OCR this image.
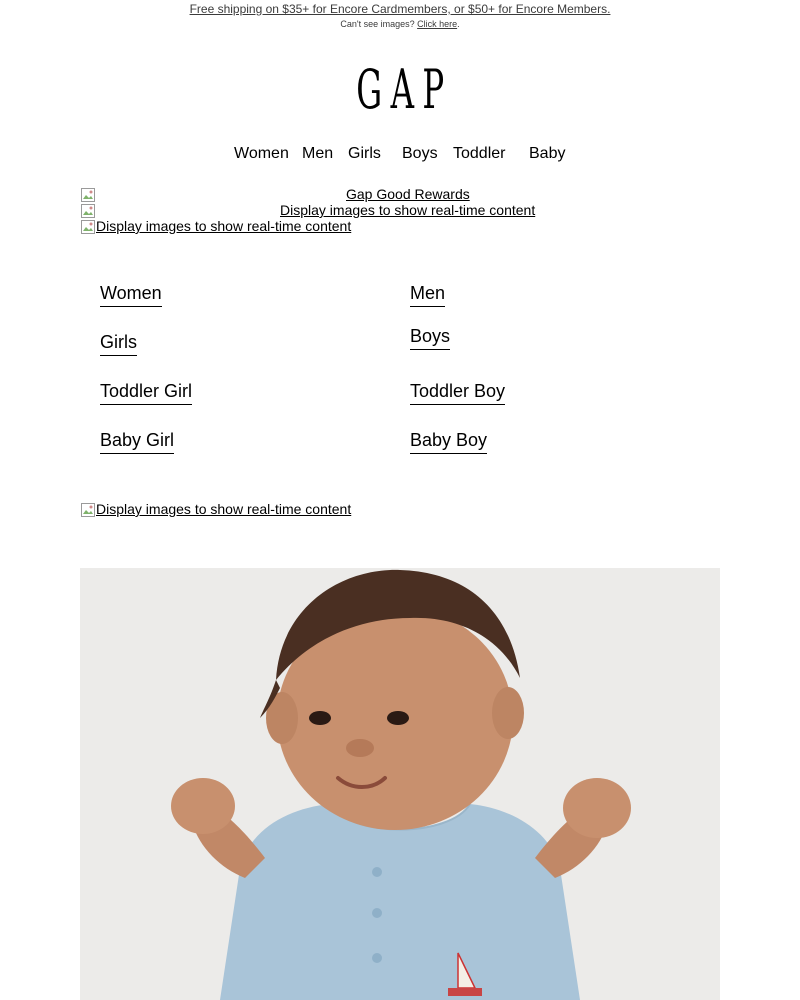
Free shipping on $35+ for Encore Cardmembers, or $50+ for Encore Members.
Can't see images? Click here.
GAP
Women Men Girls Boys Toddler Baby
Gap Good Rewards
Display images to show real-time content
Display images to show real-time content
Women	Men
Girls	Boys
Toddler Girl	Toddler Boy
Baby Girl	Baby Boy
Display images to show real-time content
